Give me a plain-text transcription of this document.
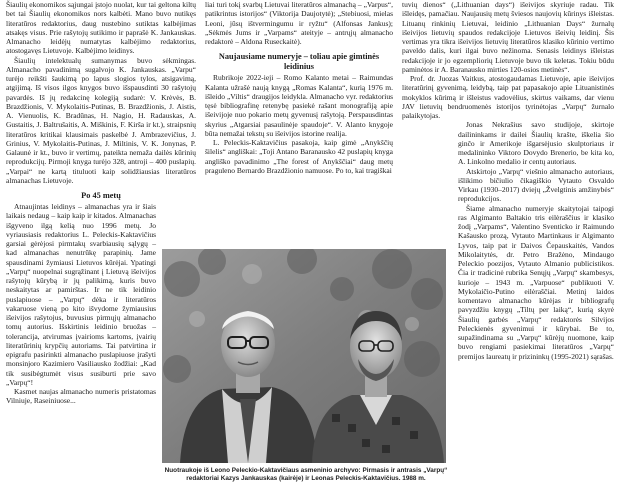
Šiaulių ekonomikos sąjungai įstojo nuolat, kur tai geltona kiltų bet tai Šiaulių ekonomikos nors kalbėti. Mano buvo nutikęs literatūros redaktorius, daug nustebino sutiktas kalbėjimas atsakęs visus. Prie rašytojų sutikimo ir paprašė K. Jankauskas. Almanacho leidėjų numatytas kalbėjimo redaktorius, atostogavęs Lietuvoje. Kalbėjimo leidinys.

Šiaulių intelektualų sumanymas buvo sėkmingas. Almanacho pavadinimą sugalvojo K. Jankauskas. „Varpu“ turėjo reikšti šaukimą po lapus slogios tylos, atsigavimą, atgijimą. Iš visos ilgos knygos buvo išspausdinti 30 rašytojų pavardės. Iš jų redakcinę kolegiją sudarė: V. Krėvės, B. Brazdžionis, V. Mykolaitis-Putinas, B. Brazdžionis, J. Aistis, A. Vienuolis, K. Bradūnas, H. Nagio, H. Radauskas, A. Gustaitis, J. Baltrušaitis, A. Miškinis, F. Kirša ir kt.), straipsnių literatūros kritikai klausimais paskelbė J. Ambrazevičius, J. Grinius, V. Mykolaitis-Putinas, J. Miltinis, V. K. Jonynas, P. Galaunė ir kt., buvo ir vertimų, pateikta nemaža dailės kūrinių reprodukcijų. Pirmoji knyga turėjo 328, antroji – 400 puslapių. „Varpai“ ne kartą tituluoti kaip solidžiausias literatūros almanachas Lietuvoje.

Po 45 metų

Atnaujintas leidinys – almanachas yra ir šiais laikais nedaug – kaip kaip ir kitados. Almanachas išgyveno ilgą kelią nuo 1996 metų. Jo vyriausiasis redaktorius L. Peleckis-Kaktavičius garsiai gėrėjosi pirmtakų svarbiausių sąlygų – kad almanachas nenutrūkę parapinių. Jame spausdinami žymiausi Lietuvos kūrėjai. Ypatingi „Varpų“ nuopelnai sugrąžinant į Lietuvą išeivijos rašytojų kūrybą ir jų palikimą, kuris buvo neskaitytas ar pamirštas. Ir ne tik leidinio puslapiuose – „Varpų“ dėka ir literatūros vakaruose vieną po kito išvydome žymiausius išeivijos rašytojus, buvusius pirmųjų almanacho tomų autorius. Išskirtinis leidinio bruožas – tolerancija, atvirumas įvairioms kartoms, įvairių literatūrinių krypčių autoriams. Tai patvirtina ir epigrafu pasirinkti almanacho puslapiuose įrašyti monsinjoro Kazimiero Vasiliausko žodžiai: „Kad tik susibėgtumėt visus susiburti prie savo „Varpų“!

Kasmet naujas almanacho numeris pristatomas Vilniuje, Raseiniuose...

liai turi tokį svarbų Lietuvai literatūros almanachą – „Varpus“, patikrintus istorijos“ (Viktorija Daujotytė); „Stebiuosi, mielas Leoni, jūsų ištvermingumu ir ryžtu“ (Alfonsas Jankus); „Sėkmės Jums ir „Varpams“ ateityje – antrųjų almanacho redaktorė – Aldona Ruseckaitė).

Naujausiame numeryje – toliau apie gimtinės leidinius

Rubrikoje 2022-ieji – Romo Kalanto metai – Raimundas Kalanta užrašė naują knygą „Romas Kalanta“, kurią 1976 m. išleido „Viltis“ draugijos leidykla. Almanacho vyr. redaktorius tęsė bibliografinę retenybę pasiekė rašant monografiją apie išeivijoje nuo pokario metų gyvenusį rašytoją. Perspausdintas skyrius „Atgarsiai pasaulinėje spaudoje“. V. Alanto knygoje būta nemažai tekstų su išeivijos istorine realija.

L. Peleckis-Kaktavičius pasakoja, kaip gimė „Anykščių šilelis“ angliškai: „Toji Antano Baranausko 42 puslapių knyga angliško pavadinimo „The forest of Anykščiai“ daug metų praguleno Bernardo Brazdžionio namuose. Po to, kai tragiškai

tuvių dienos“ („Lithuanian days“) išeivijos skyriuje radau. Tik išleidęs, pamačiau. Naujausių metų šviesos naujovių kūrinys išleistas. Lituanų rinkinių Lietuvai, leidinio „Lithuanian Days“ žurnalų išeivijos lietuvių spaudos redakcijoje Lietuvos išeivių leidinį. Šis vertimas yra tikra išeivijos lietuvių literatūros klasiko kūrinio vertimo paveldo dalis, kuri ilgai buvo nežinoma. Senasis leidinys išleistas redakcijoje ir jo egzempliorių Lietuvoje buvo tik keletas. Tokiu būdu paminėtos ir A. Baranausko mirties 120-osios metinės“.

Prof. dr. Juozas Vaitkus, atostogaudamas Lietuvoje, apie išeivijos literatūrinį gyvenimą, leidybą, taip pat papasakojo apie Lituanistinės mokyklos kūrimą ir išleistus vadovėlius, skirtus vaikams, dar vienu JAV lietuvių bendruomenės istorijos tyrinėtojas „Varpų“ žurnalo palaikytojas.

Jonas Nekrašius savo studijoje, skirtoje dailininkams ir dailei Šiaulių krašte, iškelia šio ginčo ir Amerikoje išgarsėjusio skulptoriaus ir medalininko Viktoro Dovydo Brenerio, be kita ko, A. Linkolno medalio ir centų autoriaus.

Atskirtojo „Varpų“ viešnio almanacho autoriaus, išlikimo bičiulio čikagiškio Vytauto Osvaldo Virkau (1930–2017) dviejų „Žvelgtinis amžinybės“ reprodukcijos.

Šiame almanacho numeryje skaitytojai taipogi ras Algimanto Baltakio tris eilėraščius ir klasiko žodį „Varpams“, Valentino Sventicko ir Raimundo Kašausko prozą, Vytauto Martinkaus ir Algimanto Lyvos, taip pat ir Daivos Čepauskaitės, Vandos Mikolaitytės, dr. Petro Bražėno, Mindaugo Peleckio poezijos, Vytauto Almanio publicistikos. Čia ir tradicinė rubrika Senųjų „Varpų“ skambesys, kurioje – 1943 m. „Varpuose“ publikuoti V. Mykolaičio-Putino eilėraščiai. Metinį laidos komentavo almanacho kūrėjas ir bibliografų pavyzdžiu knygų „Tiltų per laiką“, kurią skyrė Šiaulių garbės „Varpų“ redaktorės Silvijos Peleckienės gyvenimui ir kūrybai. Be to, supažindinama su „Varpų“ kūrėjų nuomone, kaip buvo rengiami pasiekimai literatūros „Varpų“ premijos laureatų ir prizininkų (1995-2021) sąrašas.

Nuotraukoje iš Leono Peleckio-Kaktavičiaus asmeninio archyvo: Pirmasis ir antrasis „Varpų“ redaktoriai Kazys Jankauskas (kairėje) ir Leonas Peleckis-Kaktavičius. 1988 m.
